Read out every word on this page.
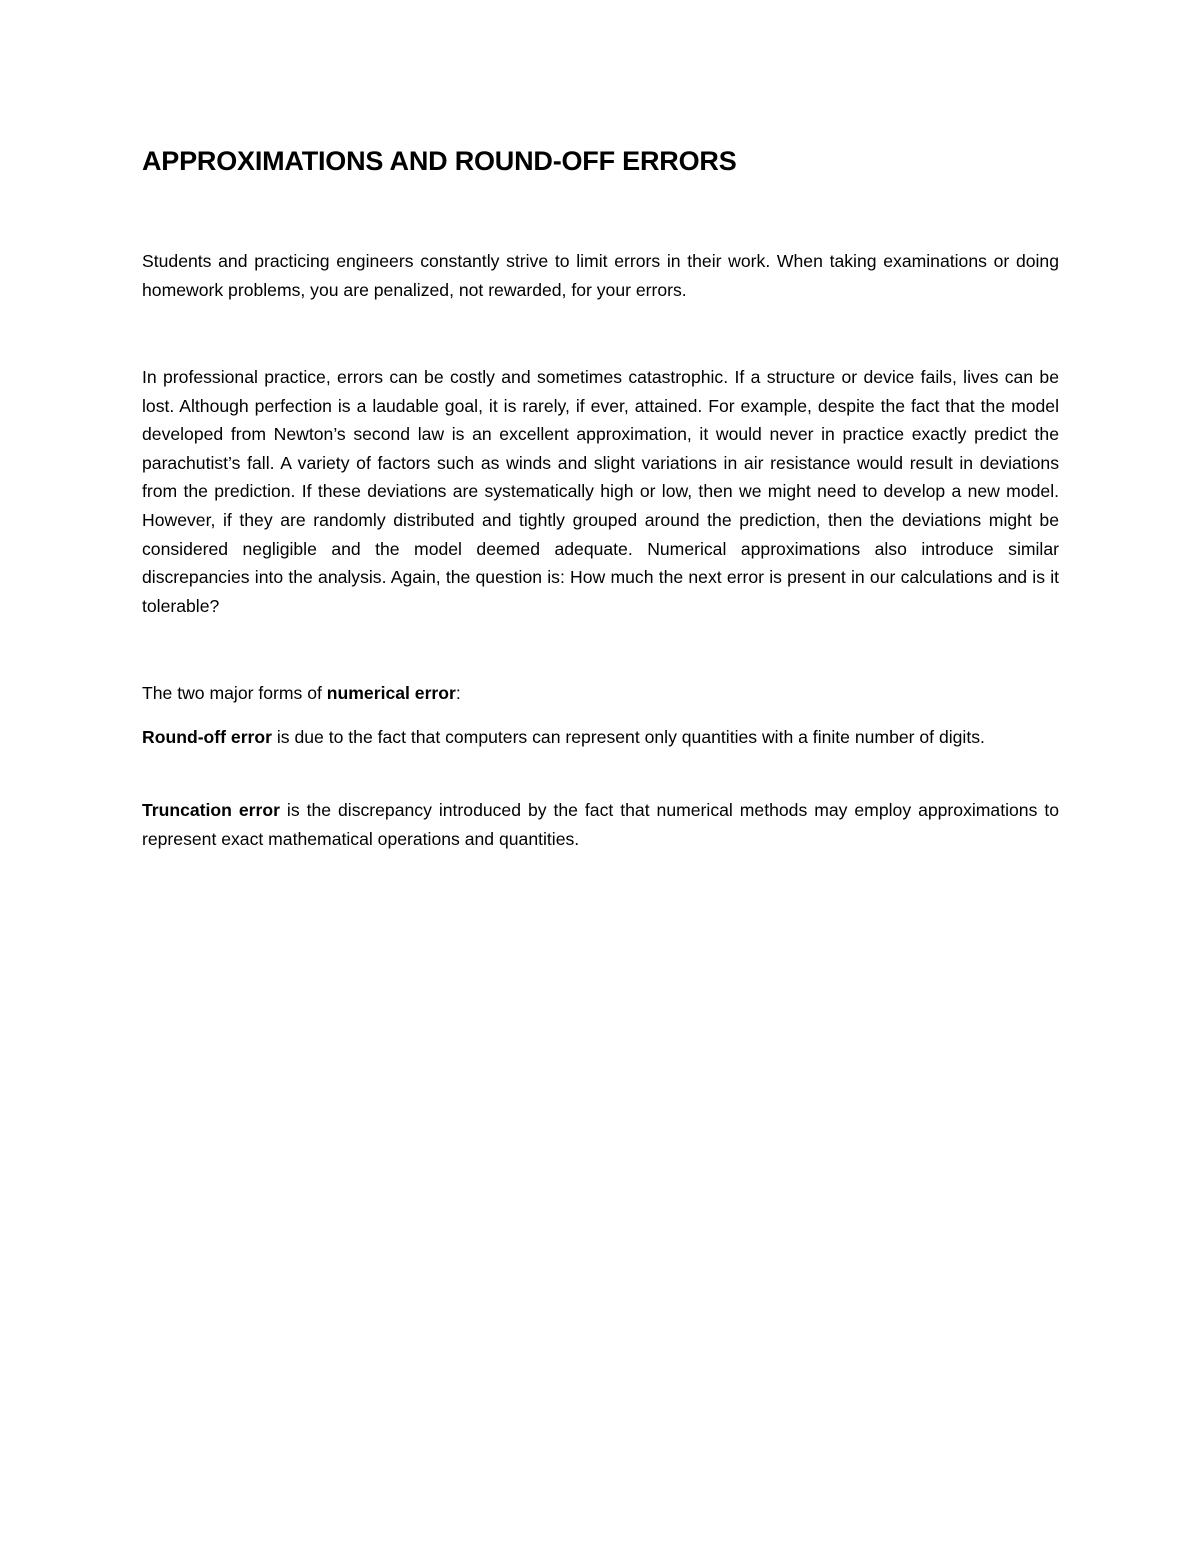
APPROXIMATIONS AND ROUND-OFF ERRORS

Students and practicing engineers constantly strive to limit errors in their work. When taking examinations or doing homework problems, you are penalized, not rewarded, for your errors.

In professional practice, errors can be costly and sometimes catastrophic. If a structure or device fails, lives can be lost. Although perfection is a laudable goal, it is rarely, if ever, attained. For example, despite the fact that the model developed from Newton’s second law is an excellent approximation, it would never in practice exactly predict the parachutist’s fall. A variety of factors such as winds and slight variations in air resistance would result in deviations from the prediction. If these deviations are systematically high or low, then we might need to develop a new model. However, if they are randomly distributed and tightly grouped around the prediction, then the deviations might be considered negligible and the model deemed adequate. Numerical approximations also introduce similar discrepancies into the analysis. Again, the question is: How much the next error is present in our calculations and is it tolerable?

The two major forms of numerical error:

Round-off error is due to the fact that computers can represent only quantities with a finite number of digits.

Truncation error is the discrepancy introduced by the fact that numerical methods may employ approximations to represent exact mathematical operations and quantities.
